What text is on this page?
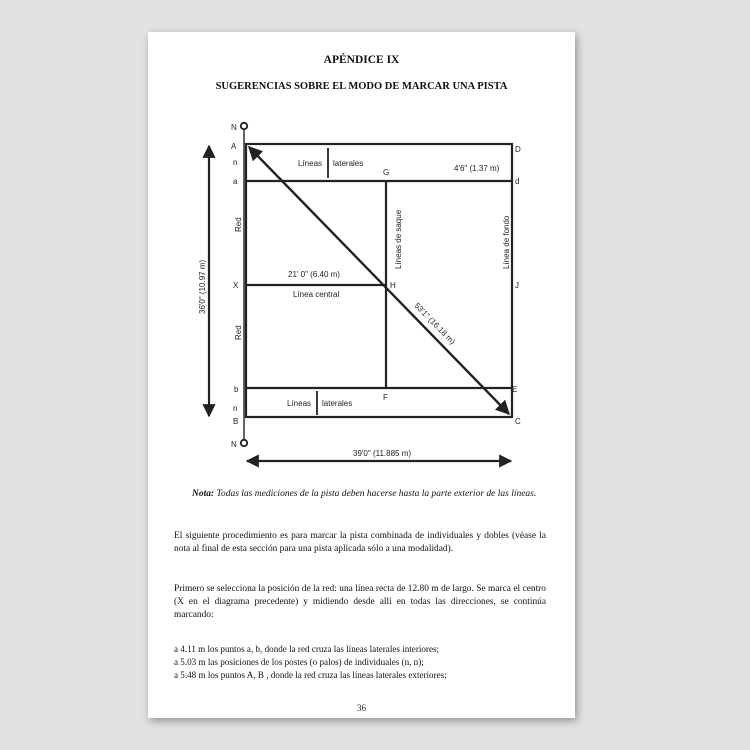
APÉNDICE IX
SUGERENCIAS SOBRE EL MODO DE MARCAR UNA PISTA
N
A
n
a
X
b
n
B
N
D
d
J
E
C
G
H
F
Líneas laterales
Líneas laterales
4'6" (1.37 m)
Líneas de saque	Línea de fondo
Red
Red
36'0" (10.97 m)	21' 0" (6.40 m)
Línea central
53'1" (16.18 m)
39'0" (11.885 m)
Nota: Todas las mediciones de la pista deben hacerse hasta la parte exterior de las líneas.
El siguiente procedimiento es para marcar la pista combinada de individuales y dobles (véase la nota al final de esta sección para una pista aplicada sólo a una modalidad).
Primero se selecciona la posición de la red: una línea recta de 12.80 m de largo. Se marca el centro (X en el diagrama precedente) y midiendo desde allí en todas las direcciones, se continúa marcando:
a 4.11 m los puntos a, b, donde la red cruza las líneas laterales interiores;
a 5.03 m las posiciones de los postes (o palos) de individuales (n, n);
a 5.48 m los puntos A, B , donde la red cruza las líneas laterales exteriores;
36
